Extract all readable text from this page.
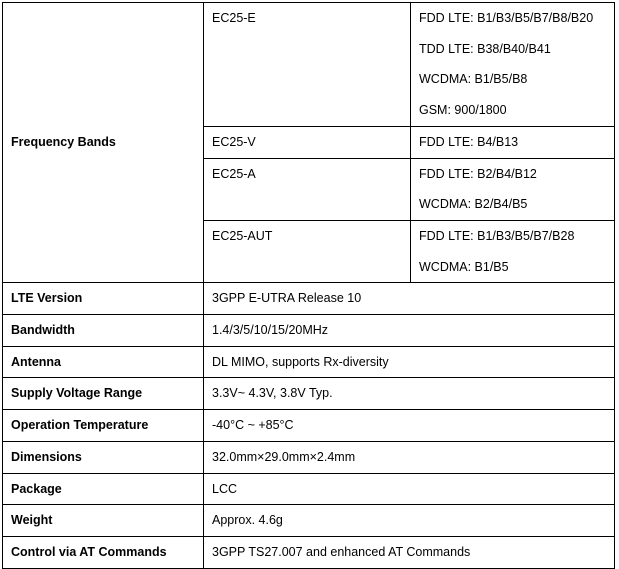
Frequency Bands	EC25-E	FDD LTE: B1/B3/B5/B7/B8/B20
TDD LTE: B38/B40/B41
WCDMA: B1/B5/B8
GSM: 900/1800

	EC25-V	FDD LTE: B4/B13

	EC25-A	FDD LTE: B2/B4/B12
WCDMA: B2/B4/B5

	EC25-AUT	FDD LTE: B1/B3/B5/B7/B28
WCDMA: B1/B5

LTE Version	3GPP E-UTRA Release 10	
Bandwidth	1.4/3/5/10/15/20MHz	
Antenna	DL MIMO, supports Rx-diversity	
Supply Voltage Range	3.3V~ 4.3V, 3.8V Typ.	
Operation Temperature	-40°C ~ +85°C	
Dimensions	32.0mm×29.0mm×2.4mm	
Package	LCC	
Weight	Approx. 4.6g	
Control via AT Commands	3GPP TS27.007 and enhanced AT Commands	
